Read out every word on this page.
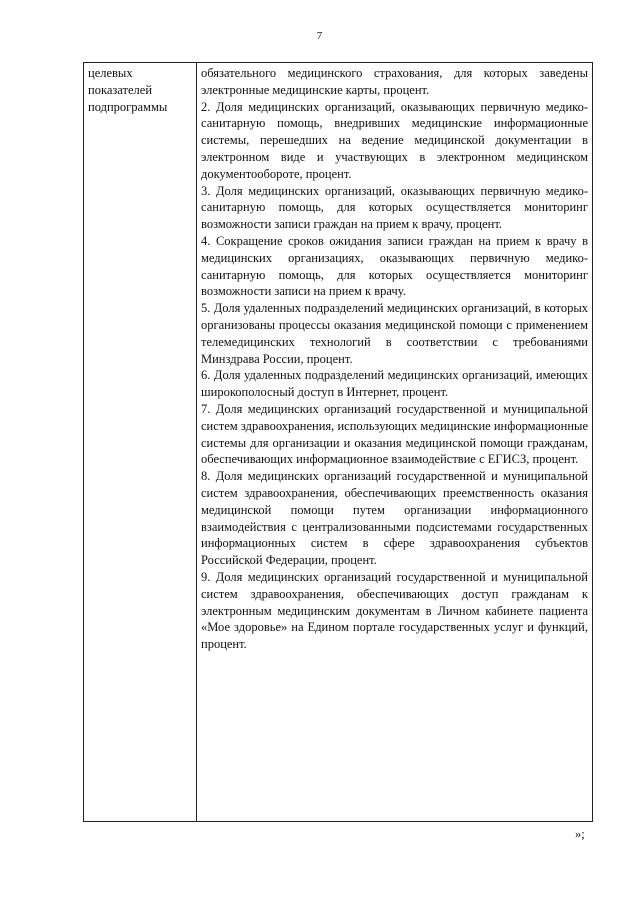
7
целевых
показателей
подпрограммы

обязательного медицинского страхования, для которых заведены электронные медицинские карты, процент.

2. Доля медицинских организаций, оказывающих первичную медико-санитарную помощь, внедривших медицинские информационные системы, перешедших на ведение медицинской документации в электронном виде и участвующих в электронном медицинском документообороте, процент.

3. Доля медицинских организаций, оказывающих первичную медико-санитарную помощь, для которых осуществляется мониторинг возможности записи граждан на прием к врачу, процент.

4. Сокращение сроков ожидания записи граждан на прием к врачу в медицинских организациях, оказывающих первичную медико-санитарную помощь, для которых осуществляется мониторинг возможности записи на прием к врачу.

5. Доля удаленных подразделений медицинских организаций, в которых организованы процессы оказания медицинской помощи с применением телемедицинских технологий в соответствии с требованиями Минздрава России, процент.

6. Доля удаленных подразделений медицинских организаций, имеющих широкополосный доступ в Интернет, процент.

7. Доля медицинских организаций государственной и муниципальной систем здравоохранения, использующих медицинские информационные системы для организации и оказания медицинской помощи гражданам, обеспечивающих информационное взаимодействие с ЕГИСЗ, процент.

8. Доля медицинских организаций государственной и муниципальной систем здравоохранения, обеспечивающих преемственность оказания медицинской помощи путем организации информационного взаимодействия с централизованными подсистемами государственных информационных систем в сфере здравоохранения субъектов Российской Федерации, процент.

9. Доля медицинских организаций государственной и муниципальной систем здравоохранения, обеспечивающих доступ гражданам к электронным медицинским документам в Личном кабинете пациента «Мое здоровье» на Едином портале государственных услуг и функций, процент.

»;
